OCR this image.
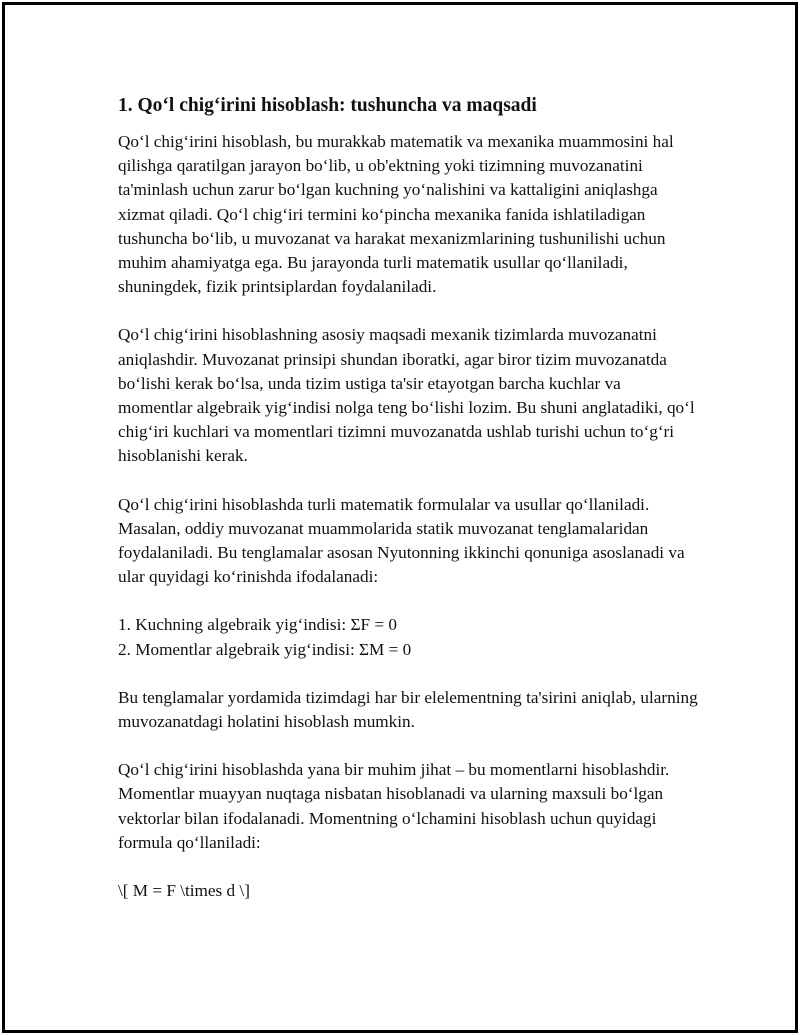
1. Qo‘l chig‘irini hisoblash: tushuncha va maqsadi

Qo‘l chig‘irini hisoblash, bu murakkab matematik va mexanika muammosini hal qilishga qaratilgan jarayon bo‘lib, u ob'ektning yoki tizimning muvozanatini ta'minlash uchun zarur bo‘lgan kuchning yo‘nalishini va kattaligini aniqlashga xizmat qiladi. Qo‘l chig‘iri termini ko‘pincha mexanika fanida ishlatiladigan tushuncha bo‘lib, u muvozanat va harakat mexanizmlarining tushunilishi uchun muhim ahamiyatga ega. Bu jarayonda turli matematik usullar qo‘llaniladi, shuningdek, fizik printsiplardan foydalaniladi.

Qo‘l chig‘irini hisoblashning asosiy maqsadi mexanik tizimlarda muvozanatni aniqlashdir. Muvozanat prinsipi shundan iboratki, agar biror tizim muvozanatda bo‘lishi kerak bo‘lsa, unda tizim ustiga ta'sir etayotgan barcha kuchlar va momentlar algebraik yig‘indisi nolga teng bo‘lishi lozim. Bu shuni anglatadiki, qo‘l chig‘iri kuchlari va momentlari tizimni muvozanatda ushlab turishi uchun to‘g‘ri hisoblanishi kerak.

Qo‘l chig‘irini hisoblashda turli matematik formulalar va usullar qo‘llaniladi. Masalan, oddiy muvozanat muammolarida statik muvozanat tenglamalaridan foydalaniladi. Bu tenglamalar asosan Nyutonning ikkinchi qonuniga asoslanadi va ular quyidagi ko‘rinishda ifodalanadi:

1. Kuchning algebraik yig‘indisi: ΣF = 0
2. Momentlar algebraik yig‘indisi: ΣM = 0

Bu tenglamalar yordamida tizimdagi har bir elelementning ta'sirini aniqlab, ularning muvozanatdagi holatini hisoblash mumkin.

Qo‘l chig‘irini hisoblashda yana bir muhim jihat – bu momentlarni hisoblashdir. Momentlar muayyan nuqtaga nisbatan hisoblanadi va ularning maxsuli bo‘lgan vektorlar bilan ifodalanadi. Momentning o‘lchamini hisoblash uchun quyidagi formula qo‘llaniladi:

\[ M = F \times d \]
